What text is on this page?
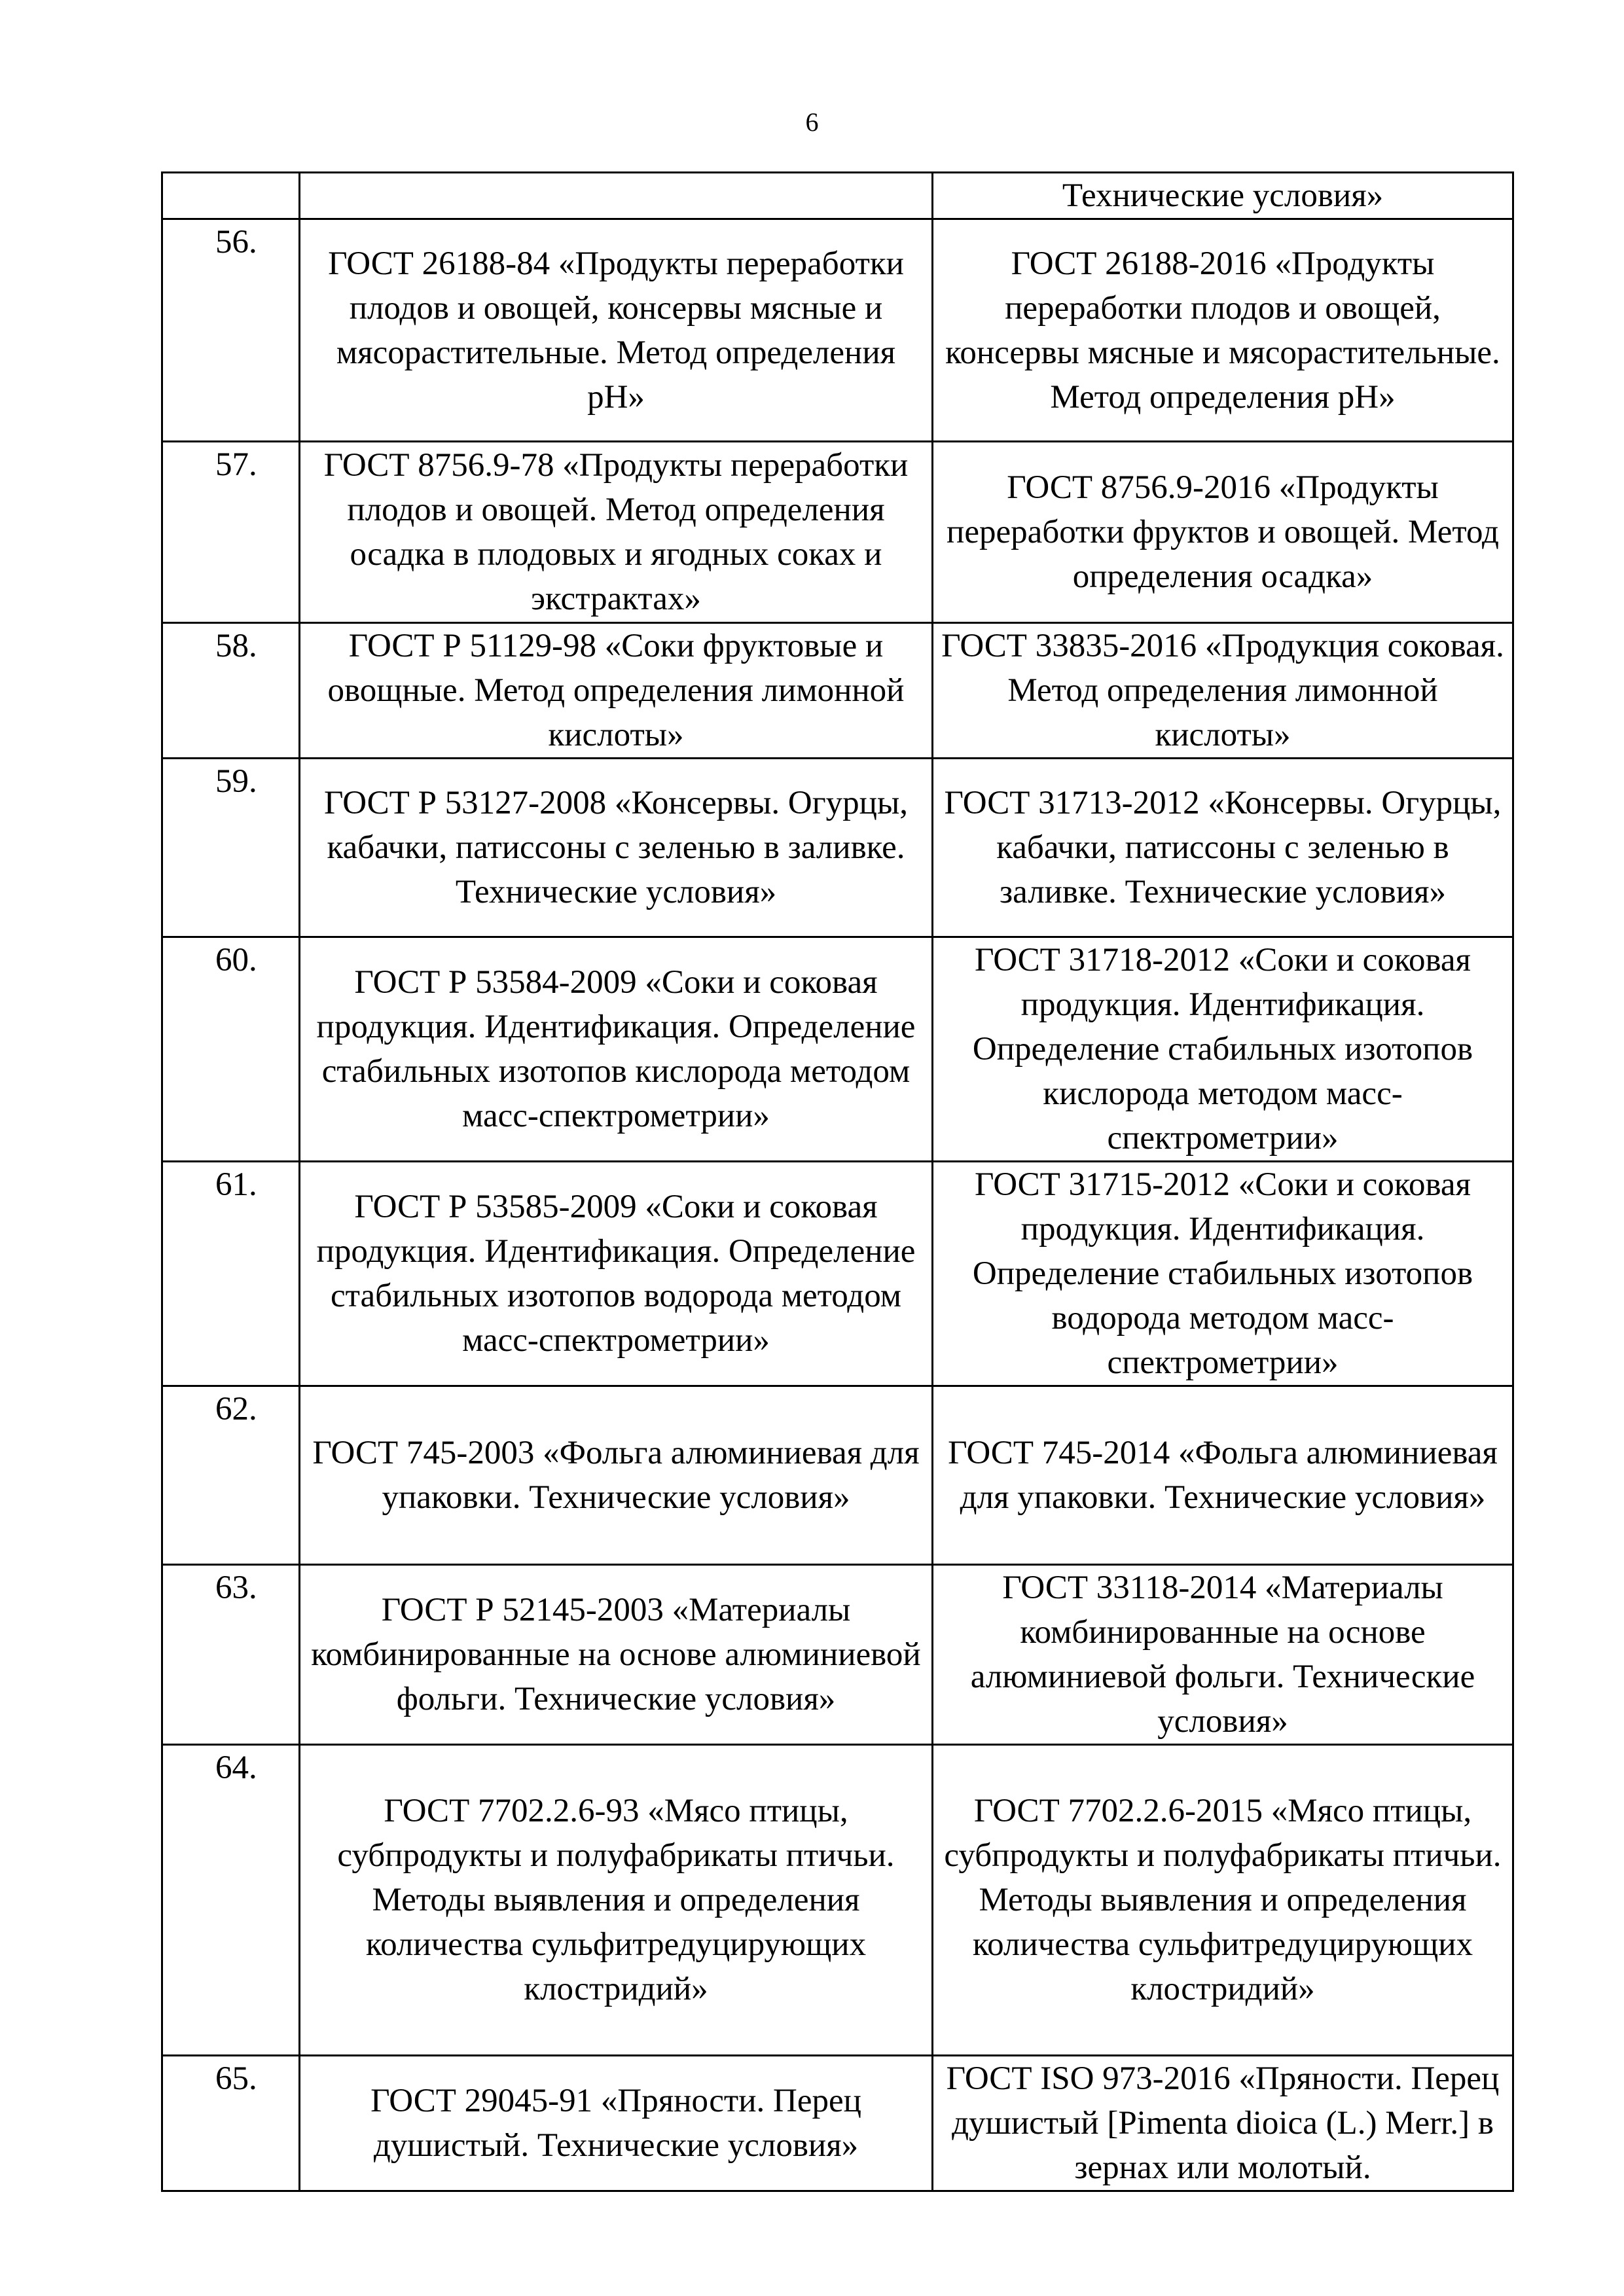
6
		Технические условия»
56.	ГОСТ 26188-84 «Продукты переработки плодов и овощей, консервы мясные и мясорастительные. Метод определения pH»	ГОСТ 26188-2016 «Продукты переработки плодов и овощей, консервы мясные и мясорастительные. Метод определения pH»
57.	ГОСТ 8756.9-78 «Продукты переработки плодов и овощей. Метод определения осадка в плодовых и ягодных соках и экстрактах»	ГОСТ 8756.9-2016 «Продукты переработки фруктов и овощей. Метод определения осадка»
58.	ГОСТ Р 51129-98 «Соки фруктовые и овощные. Метод определения лимонной кислоты»	ГОСТ 33835-2016 «Продукция соковая. Метод определения лимонной кислоты»
59.	ГОСТ Р 53127-2008 «Консервы. Огурцы, кабачки, патиссоны с зеленью в заливке. Технические условия»	ГОСТ 31713-2012 «Консервы. Огурцы, кабачки, патиссоны с зеленью в заливке. Технические условия»
60.	ГОСТ Р 53584-2009 «Соки и соковая продукция. Идентификация. Определение стабильных изотопов кислорода методом масс-спектрометрии»	ГОСТ 31718-2012 «Соки и соковая продукция. Идентификация. Определение стабильных изотопов кислорода методом масс- спектрометрии»
61.	ГОСТ Р 53585-2009 «Соки и соковая продукция. Идентификация. Определение стабильных изотопов водорода методом масс-спектрометрии»	ГОСТ 31715-2012 «Соки и соковая продукция. Идентификация. Определение стабильных изотопов водорода методом масс- спектрометрии»
62.	ГОСТ 745-2003 «Фольга алюминиевая для упаковки. Технические условия»	ГОСТ 745-2014 «Фольга алюминиевая для упаковки. Технические условия»
63.	ГОСТ Р 52145-2003 «Материалы комбинированные на основе алюминиевой фольги. Технические условия»	ГОСТ 33118-2014 «Материалы комбинированные на основе алюминиевой фольги. Технические условия»
64.	ГОСТ 7702.2.6-93 «Мясо птицы, субпродукты и полуфабрикаты птичьи. Методы выявления и определения количества сульфитредуцирующих клостридий»	ГОСТ 7702.2.6-2015 «Мясо птицы, субпродукты и полуфабрикаты птичьи. Методы выявления и определения количества сульфитредуцирующих клостридий»
65.	ГОСТ 29045-91 «Пряности. Перец душистый. Технические условия»	ГОСТ ISO 973-2016 «Пряности. Перец душистый [Pimenta dioica (L.) Merr.] в зернах или молотый.
